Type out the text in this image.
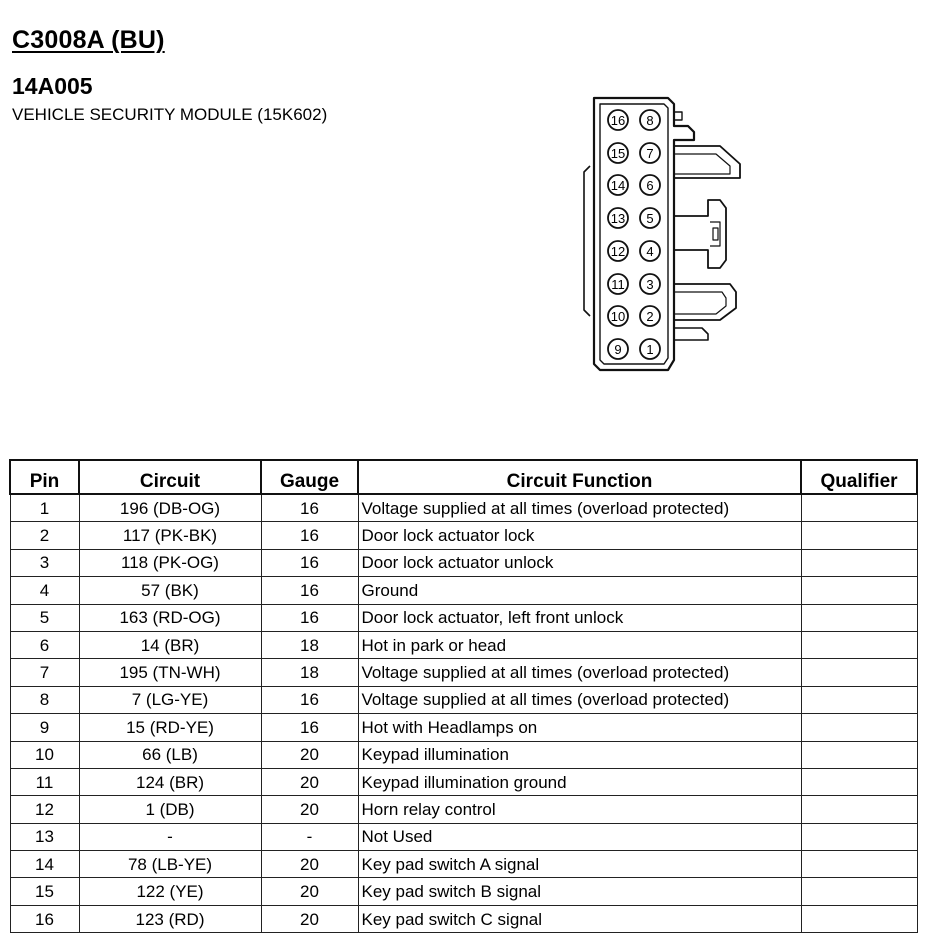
C3008A (BU)
14A005
VEHICLE SECURITY MODULE (15K602)	16 8
15 7
14 6
13 5
12 4
11 3
10 2
9 1
Pin	Circuit	Gauge	Circuit Function	Qualifier
1	196 (DB-OG)	16	Voltage supplied at all times (overload protected)	
2	117 (PK-BK)	16	Door lock actuator lock	
3	118 (PK-OG)	16	Door lock actuator unlock	
4	57 (BK)	16	Ground	
5	163 (RD-OG)	16	Door lock actuator, left front unlock	
6	14 (BR)	18	Hot in park or head	
7	195 (TN-WH)	18	Voltage supplied at all times (overload protected)	
8	7 (LG-YE)	16	Voltage supplied at all times (overload protected)	
9	15 (RD-YE)	16	Hot with Headlamps on	
10	66 (LB)	20	Keypad illumination	
11	124 (BR)	20	Keypad illumination ground	
12	1 (DB)	20	Horn relay control	
13	-	-	Not Used	
14	78 (LB-YE)	20	Key pad switch A signal	
15	122 (YE)	20	Key pad switch B signal	
16	123 (RD)	20	Key pad switch C signal	
